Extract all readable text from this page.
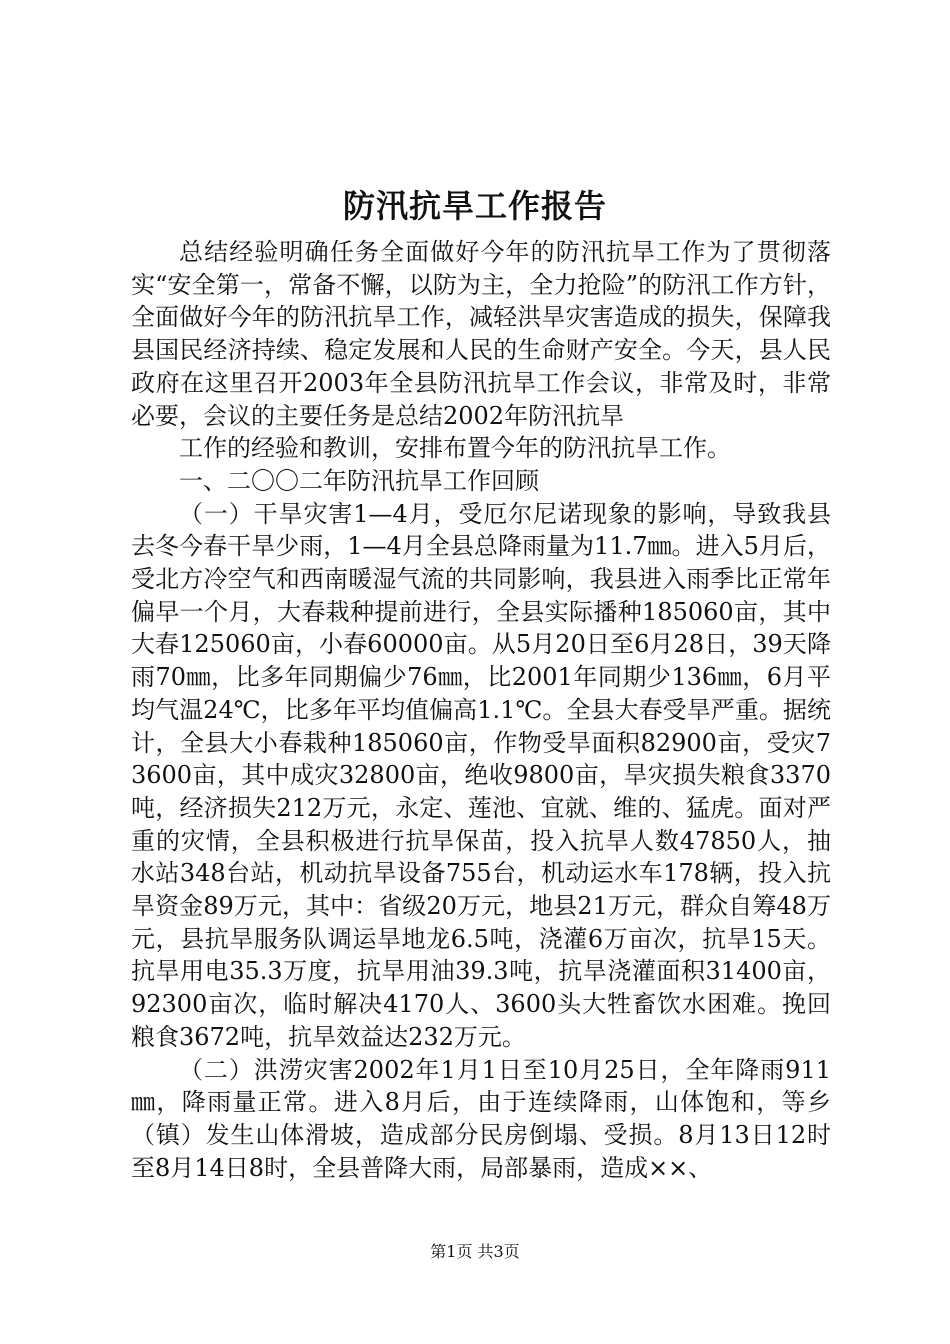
防汛抗旱工作报告

总结经验明确任务全面做好今年的防汛抗旱工作为了贯彻落实“安全第一，常备不懈，以防为主，全力抢险”的防汛工作方针，全面做好今年的防汛抗旱工作，减轻洪旱灾害造成的损失，保障我县国民经济持续、稳定发展和人民的生命财产安全。今天，县人民政府在这里召开2003年全县防汛抗旱工作会议，非常及时，非常必要，会议的主要任务是总结2002年防汛抗旱

工作的经验和教训，安排布置今年的防汛抗旱工作。

一、二〇〇二年防汛抗旱工作回顾

（一）干旱灾害1—4月，受厄尔尼诺现象的影响，导致我县去冬今春干旱少雨，1—4月全县总降雨量为11.7㎜。进入5月后，受北方冷空气和西南暖湿气流的共同影响，我县进入雨季比正常年偏早一个月，大春栽种提前进行，全县实际播种185060亩，其中大春125060亩，小春60000亩。从5月20日至6月28日，39天降雨70㎜，比多年同期偏少76㎜，比2001年同期少136㎜，6月平均气温24℃，比多年平均值偏高1.1℃。全县大春受旱严重。据统计，全县大小春栽种185060亩，作物受旱面积82900亩，受灾73600亩，其中成灾32800亩，绝收9800亩，旱灾损失粮食3370吨，经济损失212万元，永定、莲池、宜就、维的、猛虎。面对严重的灾情，全县积极进行抗旱保苗，投入抗旱人数47850人，抽水站348台站，机动抗旱设备755台，机动运水车178辆，投入抗旱资金89万元，其中：省级20万元，地县21万元，群众自筹48万元，县抗旱服务队调运旱地龙6.5吨，浇灌6万亩次，抗旱15天。抗旱用电35.3万度，抗旱用油39.3吨，抗旱浇灌面积31400亩，92300亩次，临时解决4170人、3600头大牲畜饮水困难。挽回粮食3672吨，抗旱效益达232万元。

（二）洪涝灾害2002年1月1日至10月25日，全年降雨911㎜，降雨量正常。进入8月后，由于连续降雨，山体饱和，等乡（镇）发生山体滑坡，造成部分民房倒塌、受损。8月13日12时至8月14日8时，全县普降大雨，局部暴雨，造成××、

第1页 共3页
